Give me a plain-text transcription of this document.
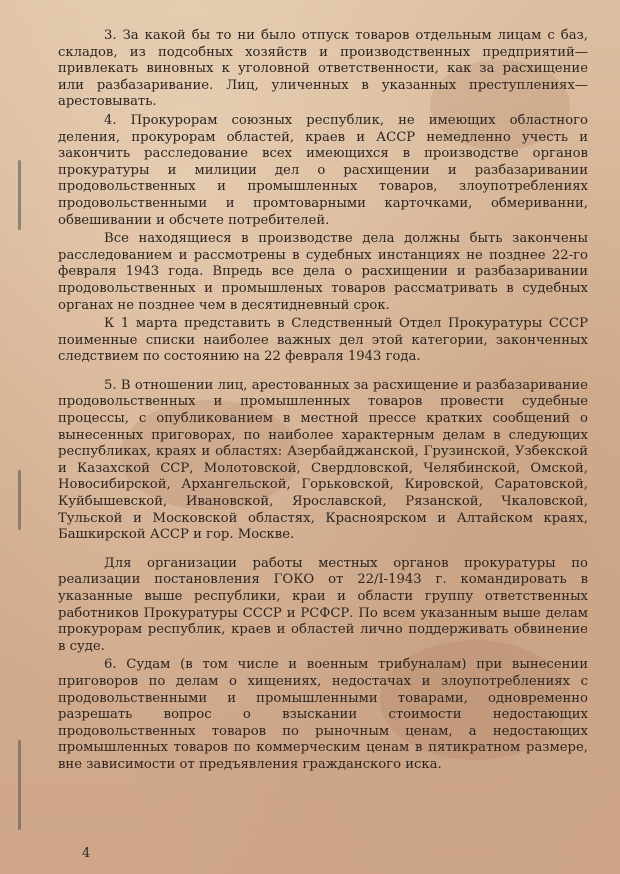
3. За какой бы то ни было отпуск товаров отдельным лицам с баз, складов, из подсобных хозяйств и производственных предприятий—привлекать виновных к уголовной ответственности, как за расхищение или разбазаривание. Лиц, уличенных в указанных преступлениях—арестовывать.

4. Прокурорам союзных республик, не имеющих областного деления, прокурорам областей, краев и АССР немедленно учесть и закончить расследование всех имеющихся в производстве органов прокуратуры и милиции дел о расхищении и разбазаривании продовольственных и промышленных товаров, злоупотреблениях продовольственными и промтоварными карточками, обмериванни, обвешивании и обсчете потребителей.

Все находящиеся в производстве дела должны быть закончены расследованием и рассмотрены в судебных инстанциях не позднее 22-го февраля 1943 года. Впредь все дела о расхищении и разбазаривании продовольственных и промышленых товаров рассматривать в судебных органах не позднее чем в десятидневный срок.

К 1 марта представить в Следственный Отдел Прокуратуры СССР поименные списки наиболее важных дел этой категории, законченных следствием по состоянию на 22 февраля 1943 года.

5. В отношении лиц, арестованных за расхищение и разбазаривание продовольственных и промышленных товаров провести судебные процессы, с опубликованием в местной прессе кратких сообщений о вынесенных приговорах, по наиболее характерным делам в следующих республиках, краях и областях: Азербайджанской, Грузинской, Узбекской и Казахской ССР, Молотовской, Свердловской, Челябинской, Омской, Новосибирской, Архангельской, Горьковской, Кировской, Саратовской, Куйбышевской, Ивановской, Ярославской, Рязанской, Чкаловской, Тульской и Московской областях, Красноярском и Алтайском краях, Башкирской АССР и гор. Москве.

Для организации работы местных органов прокуратуры по реализации постановления ГОКО от 22/I-1943 г. командировать в указанные выше республики, краи и области группу ответственных работников Прокуратуры СССР и РСФСР. По всем указанным выше делам прокурорам республик, краев и областей лично поддерживать обвинение в суде.

6. Судам (в том числе и военным трибуналам) при вынесении приговоров по делам о хищениях, недостачах и злоупотреблениях с продовольственными и промышленными товарами, одновременно разрешать вопрос о взыскании стоимости недостающих продовольственных товаров по рыночным ценам, а недостающих промышленных товаров по коммерческим ценам в пятикратном размере, вне зависимости от предъявления гражданского иска.

4
